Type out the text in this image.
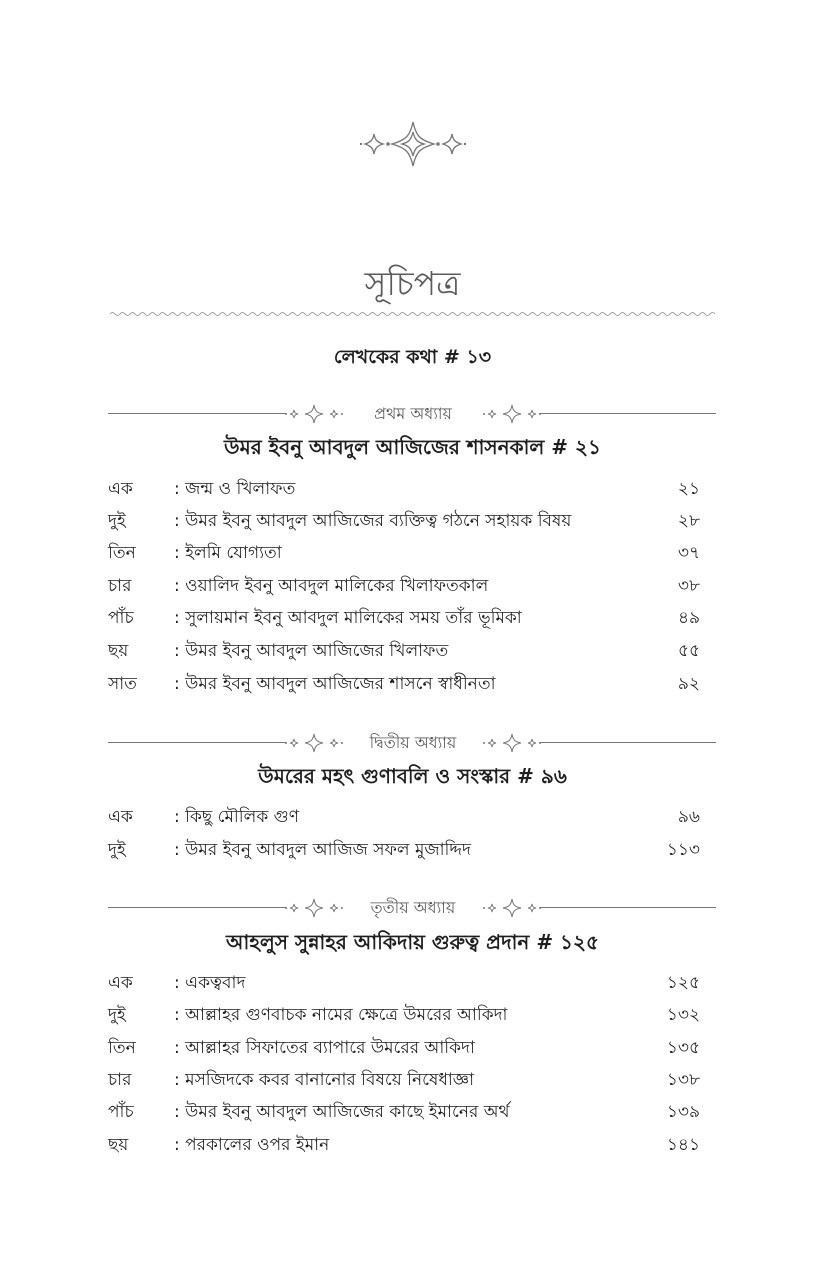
সূচিপত্র
লেখকের কথা # ১৩
প্রথম অধ্যায়
উমর ইবনু আবদুল আজিজের শাসনকাল # ২১
এক	: জন্ম ও খিলাফত	২১
দুই	: উমর ইবনু আবদুল আজিজের ব্যক্তিত্ব গঠনে সহায়ক বিষয়	২৮
তিন	: ইলমি যোগ্যতা	৩৭
চার	: ওয়ালিদ ইবনু আবদুল মালিকের খিলাফতকাল	৩৮
পাঁচ	: সুলায়মান ইবনু আবদুল মালিকের সময় তাঁর ভূমিকা	৪৯
ছয়	: উমর ইবনু আবদুল আজিজের খিলাফত	৫৫
সাত	: উমর ইবনু আবদুল আজিজের শাসনে স্বাধীনতা	৯২
দ্বিতীয় অধ্যায়
উমরের মহৎ গুণাবলি ও সংস্কার # ৯৬
এক	: কিছু মৌলিক গুণ	৯৬
দুই	: উমর ইবনু আবদুল আজিজ সফল মুজাদ্দিদ	১১৩
তৃতীয় অধ্যায়
আহলুস সুন্নাহর আকিদায় গুরুত্ব প্রদান # ১২৫
এক	: একত্ববাদ	১২৫
দুই	: আল্লাহর গুণবাচক নামের ক্ষেত্রে উমরের আকিদা	১৩২
তিন	: আল্লাহর সিফাতের ব্যাপারে উমরের আকিদা	১৩৫
চার	: মসজিদকে কবর বানানোর বিষয়ে নিষেধাজ্ঞা	১৩৮
পাঁচ	: উমর ইবনু আবদুল আজিজের কাছে ইমানের অর্থ	১৩৯
ছয়	: পরকালের ওপর ইমান	১৪১
